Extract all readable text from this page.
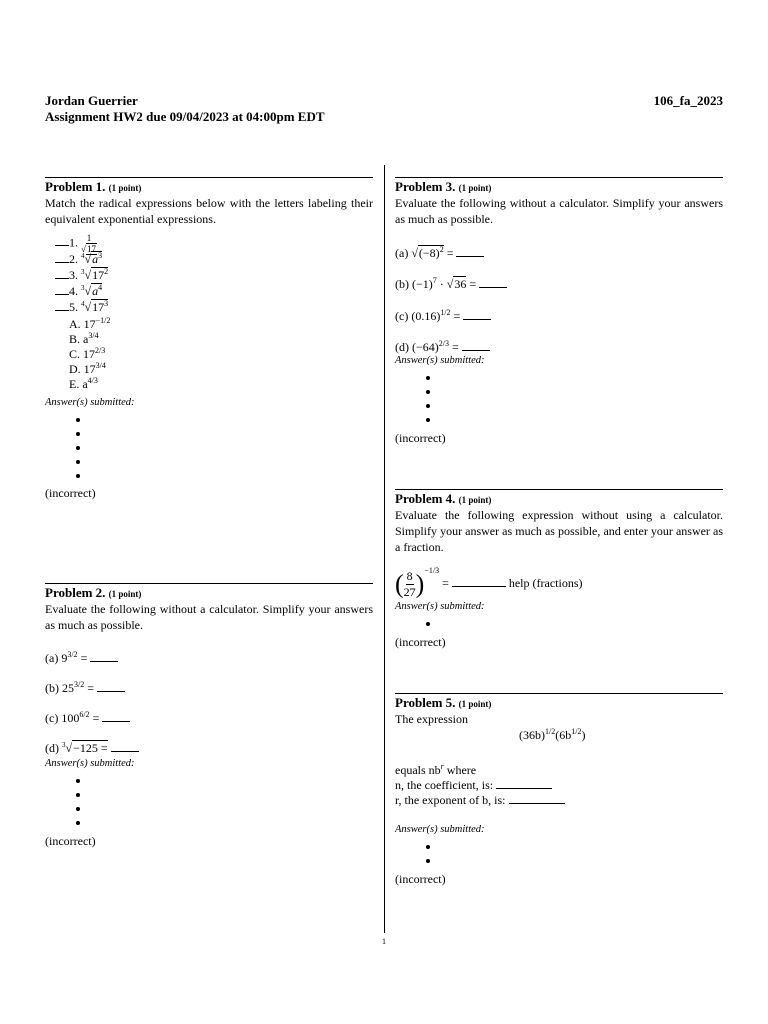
Jordan Guerrier
Assignment HW2 due 09/04/2023 at 04:00pm EDT
106_fa_2023
Problem 1. (1 point)
Match the radical expressions below with the letters labeling their equivalent exponential expressions.
1. $\frac{1}{√17}$
2. $^4√a^3$
3. $^3√17^2$
4. $^3√a^4$
5. $^4√17^3$
A. $17^{-1/2}$
B. $a^{3/4}$
C. $17^{2/3}$
D. $17^{3/4}$
E. $a^{4/3}$
Answer(s) submitted:
(incorrect)
Problem 2. (1 point)
Evaluate the following without a calculator. Simplify your answers as much as possible.
(a) $9^{3/2}$ =
(b) $25^{3/2}$ =
(c) $100^{6/2}$ =
(d) $^3$√−125 =
Answer(s) submitted:
(incorrect)
Problem 3. (1 point)
Evaluate the following without a calculator. Simplify your answers as much as possible.
(a) $√(-8)^2$ =
(b) $(-1)^7 \cdot √36$ =
(c) $(0.16)^{1/2}$ =
(d) $(-64)^{2/3}$ =
Answer(s) submitted:
(incorrect)
Problem 4. (1 point)
Evaluate the following expression without using a calculator. Simplify your answer as much as possible, and enter your answer as a fraction.
( $\frac{8}{27} )^{-1/3}$ =	help (fractions)
Answer(s) submitted:
(incorrect)
Problem 5. (1 point)
The expression
$(36b)^{1/2}(6b^{1/2})$
equals $nb^r$ where
n, the coefficient, is:
r, the exponent of b, is:
Answer(s) submitted:
(incorrect)
1
